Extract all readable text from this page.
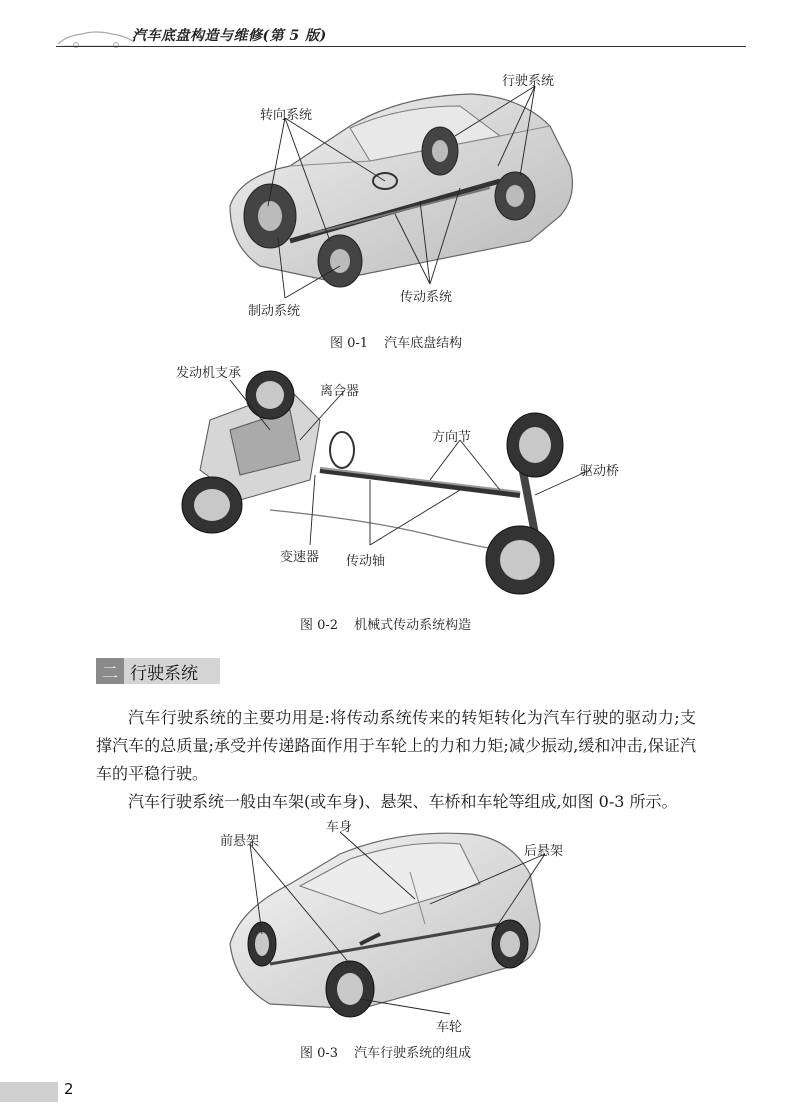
汽车底盘构造与维修(第 5 版)
转向系统
行驶系统
制动系统
传动系统
图 0-1 汽车底盘结构
发动机支承
离合器
方向节
驱动桥
变速器 传动轴
图 0-2 机械式传动系统构造
二 行驶系统

汽车行驶系统的主要功用是:将传动系统传来的转矩转化为汽车行驶的驱动力;支撑汽车的总质量;承受并传递路面作用于车轮上的力和力矩;减少振动,缓和冲击,保证汽车的平稳行驶。

汽车行驶系统一般由车架(或车身)、悬架、车桥和车轮等组成,如图 0-3 所示。

前悬架
车身
后悬架
车轮
图 0-3 汽车行驶系统的组成
2
